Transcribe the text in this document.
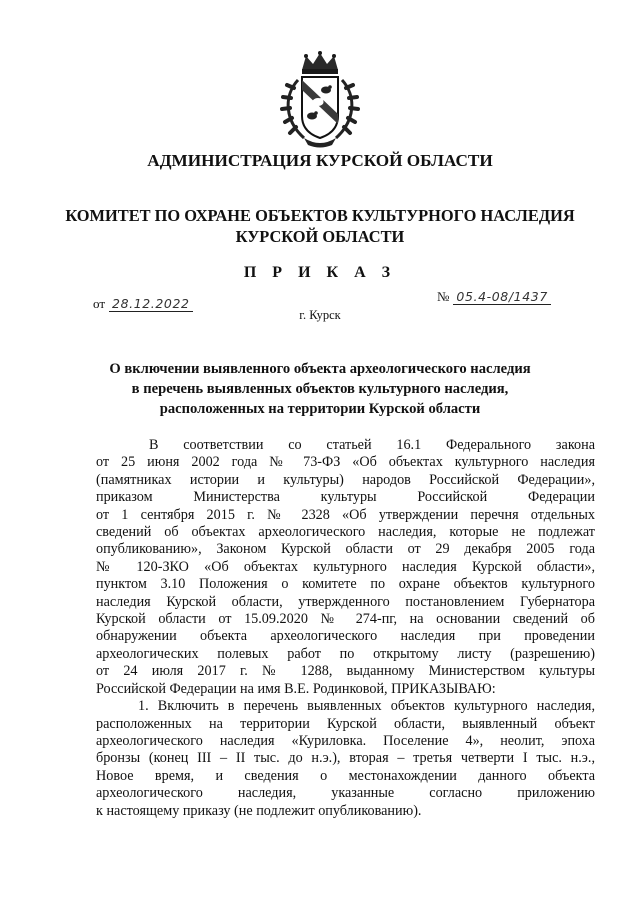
АДМИНИСТРАЦИЯ КУРСКОЙ ОБЛАСТИ
КОМИТЕТ ПО ОХРАНЕ ОБЪЕКТОВ КУЛЬТУРНОГО НАСЛЕДИЯ
КУРСКОЙ ОБЛАСТИ
П Р И К А З
от 28.12.2022	№ 05.4-08/1437
г. Курск
О включении выявленного объекта археологического наследия
в перечень выявленных объектов культурного наследия,
расположенных на территории Курской области
В соответствии со статьей 16.1 Федерального закона
от 25 июня 2002 года № 73-ФЗ «Об объектах культурного наследия
(памятниках истории и культуры) народов Российской Федерации»,
приказом Министерства культуры Российской Федерации
от 1 сентября 2015 г. № 2328 «Об утверждении перечня отдельных
сведений об объектах археологического наследия, которые не подлежат
опубликованию», Законом Курской области от 29 декабря 2005 года
№ 120-ЗКО «Об объектах культурного наследия Курской области»,
пунктом 3.10 Положения о комитете по охране объектов культурного
наследия Курской области, утвержденного постановлением Губернатора
Курской области от 15.09.2020 № 274-пг, на основании сведений об
обнаружении объекта археологического наследия при проведении
археологических полевых работ по открытому листу (разрешению)
от 24 июля 2017 г. № 1288, выданному Министерством культуры
Российской Федерации на имя В.Е. Родинковой, ПРИКАЗЫВАЮ:
1. Включить в перечень выявленных объектов культурного наследия,
расположенных на территории Курской области, выявленный объект
археологического наследия «Куриловка. Поселение 4», неолит, эпоха
бронзы (конец III – II тыс. до н.э.), вторая – третья четверти I тыс. н.э.,
Новое время, и сведения о местонахождении данного объекта
археологического наследия, указанные согласно приложению
к настоящему приказу (не подлежит опубликованию).
